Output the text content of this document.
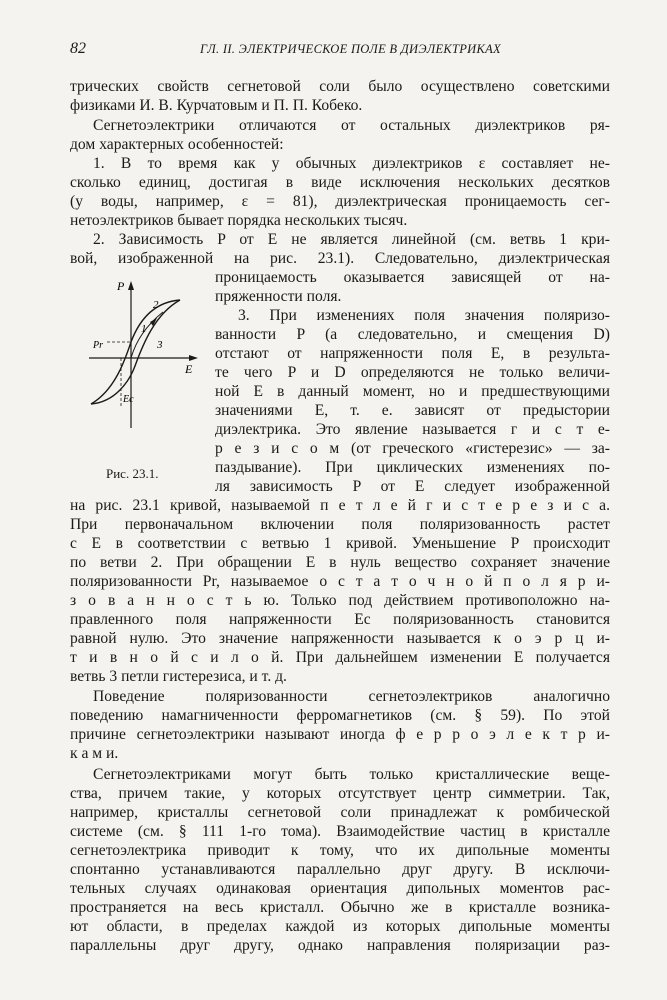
82	ГЛ. II. ЭЛЕКТРИЧЕСКОЕ ПОЛЕ В ДИЭЛЕКТРИКАХ
трических свойств сегнетовой соли было осуществлено советскими
физиками И. В. Курчатовым и П. П. Кобеко.
Сегнетоэлектрики отличаются от остальных диэлектриков ря-
дом характерных особенностей:
1. В то время как у обычных диэлектриков ε составляет не-
сколько единиц, достигая в виде исключения нескольких десятков
(у воды, например, ε = 81), диэлектрическая проницаемость сег-
нетоэлектриков бывает порядка нескольких тысяч.
2. Зависимость P от E не является линейной (см. ветвь 1 кри-
вой, изображенной на рис. 23.1). Следовательно, диэлектрическая
проницаемость оказывается зависящей от на-
пряженности поля.
3. При изменениях поля значения поляризо-
ванности P (а следовательно, и смещения D)
отстают от напряженности поля E, в результа-
те чего P и D определяются не только величи-
ной E в данный момент, но и предшествующими
значениями E, т. е. зависят от предыстории
диэлектрика. Это явление называется г и с т е-
р е з и с о м (от греческого «гистерезис» — за-
паздывание). При циклических изменениях по-
ля зависимость P от E следует изображенной
на рис. 23.1 кривой, называемой п е т л е й г и с т е р е з и с а.
При первоначальном включении поля поляризованность растет
с E в соответствии с ветвью 1 кривой. Уменьшение P происходит
по ветви 2. При обращении E в нуль вещество сохраняет значение
поляризованности Pr, называемое о с т а т о ч н о й п о л я р и-
з о в а н н о с т ь ю. Только под действием противоположно на-
правленного поля напряженности Ec поляризованность становится
равной нулю. Это значение напряженности называется к о э р ц и-
т и в н о й с и л о й. При дальнейшем изменении E получается
ветвь 3 петли гистерезиса, и т. д.
Поведение поляризованности сегнетоэлектриков аналогично
поведению намагниченности ферромагнетиков (см. § 59). По этой
причине сегнетоэлектрики называют иногда ф е р р о э л е к т р и-
к а м и.
Сегнетоэлектриками могут быть только кристаллические веще-
ства, причем такие, у которых отсутствует центр симметрии. Так,
например, кристаллы сегнетовой соли принадлежат к ромбической
системе (см. § 111 1-го тома). Взаимодействие частиц в кристалле
сегнетоэлектрика приводит к тому, что их дипольные моменты
спонтанно устанавливаются параллельно друг другу. В исключи-
тельных случаях одинаковая ориентация дипольных моментов рас-
пространяется на весь кристалл. Обычно же в кристалле возника-
ют области, в пределах каждой из которых дипольные моменты
параллельны друг другу, однако направления поляризации раз-
P
E
2
1
3
Pr
Ec
Рис. 23.1.
